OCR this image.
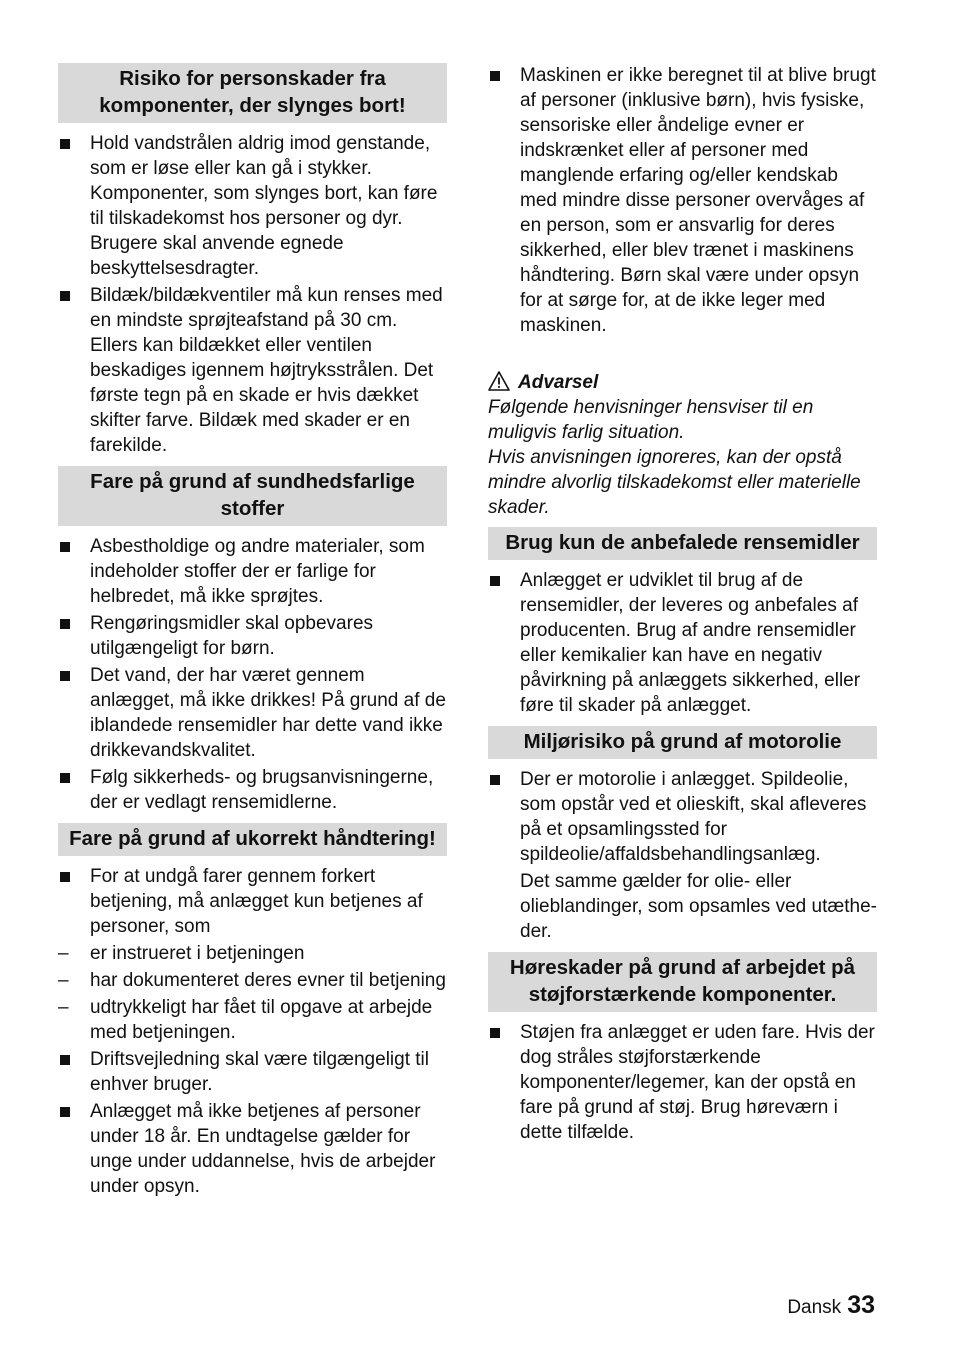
Risiko for personskader fra komponenter, der slynges bort!
Hold vandstrålen aldrig imod genstande, som er løse eller kan gå i stykker. Komponenter, som slynges bort, kan føre til tilskadekomst hos personer og dyr. Brugere skal anvende egnede beskyttelsesdragter.
Bildæk/bildækventiler må kun renses med en mindste sprøjteafstand på 30 cm. Ellers kan bildækket eller ventilen beskadiges igennem højtryksstrålen. Det første tegn på en skade er hvis dækket skifter farve. Bildæk med skader er en farekilde.
Fare på grund af sundhedsfarlige stoffer
Asbestholdige og andre materialer, som indeholder stoffer der er farlige for helbredet, må ikke sprøjtes.
Rengøringsmidler skal opbevares utilgængeligt for børn.
Det vand, der har været gennem anlægget, må ikke drikkes! På grund af de iblandede rensemidler har dette vand ikke drikkevandskvalitet.
Følg sikkerheds- og brugsanvisningerne, der er vedlagt rensemidlerne.
Fare på grund af ukorrekt håndtering!
For at undgå farer gennem forkert betjening, må anlægget kun betjenes af personer, som
– er instrueret i betjeningen
– har dokumenteret deres evner til betjening
– udtrykkeligt har fået til opgave at arbejde med betjeningen.
Driftsvejledning skal være tilgængeligt til enhver bruger.
Anlægget må ikke betjenes af personer under 18 år. En undtagelse gælder for unge under uddannelse, hvis de arbejder under opsyn.
Maskinen er ikke beregnet til at blive brugt af personer (inklusive børn), hvis fysiske, sensoriske eller åndelige evner er indskrænket eller af personer med manglende erfaring og/eller kendskab med mindre disse personer overvåges af en person, som er ansvarlig for deres sikkerhed, eller blev trænet i maskinens håndtering. Børn skal være under opsyn for at sørge for, at de ikke leger med maskinen.
Advarsel
Følgende henvisninger hensviser til en muligvis farlig situation.
Hvis anvisningen ignoreres, kan der opstå mindre alvorlig tilskadekomst eller materielle skader.
Brug kun de anbefalede rensemidler
Anlægget er udviklet til brug af de rensemidler, der leveres og anbefales af producenten. Brug af andre rensemidler eller kemikalier kan have en negativ påvirkning på anlæggets sikkerhed, eller føre til skader på anlægget.
Miljørisiko på grund af motorolie
Der er motorolie i anlægget. Spildeolie, som opstår ved et olieskift, skal afleveres på et opsamlingssted for spildeolie/affaldsbehandlingsanlæg.
Det samme gælder for olie- eller olieblandinger, som opsamles ved utæthe-der.
Høreskader på grund af arbejdet på støjforstærkende komponenter.
Støjen fra anlægget er uden fare. Hvis der dog stråles støjforstærkende komponenter/legemer, kan der opstå en fare på grund af støj. Brug høreværn i dette tilfælde.
Dansk 33
